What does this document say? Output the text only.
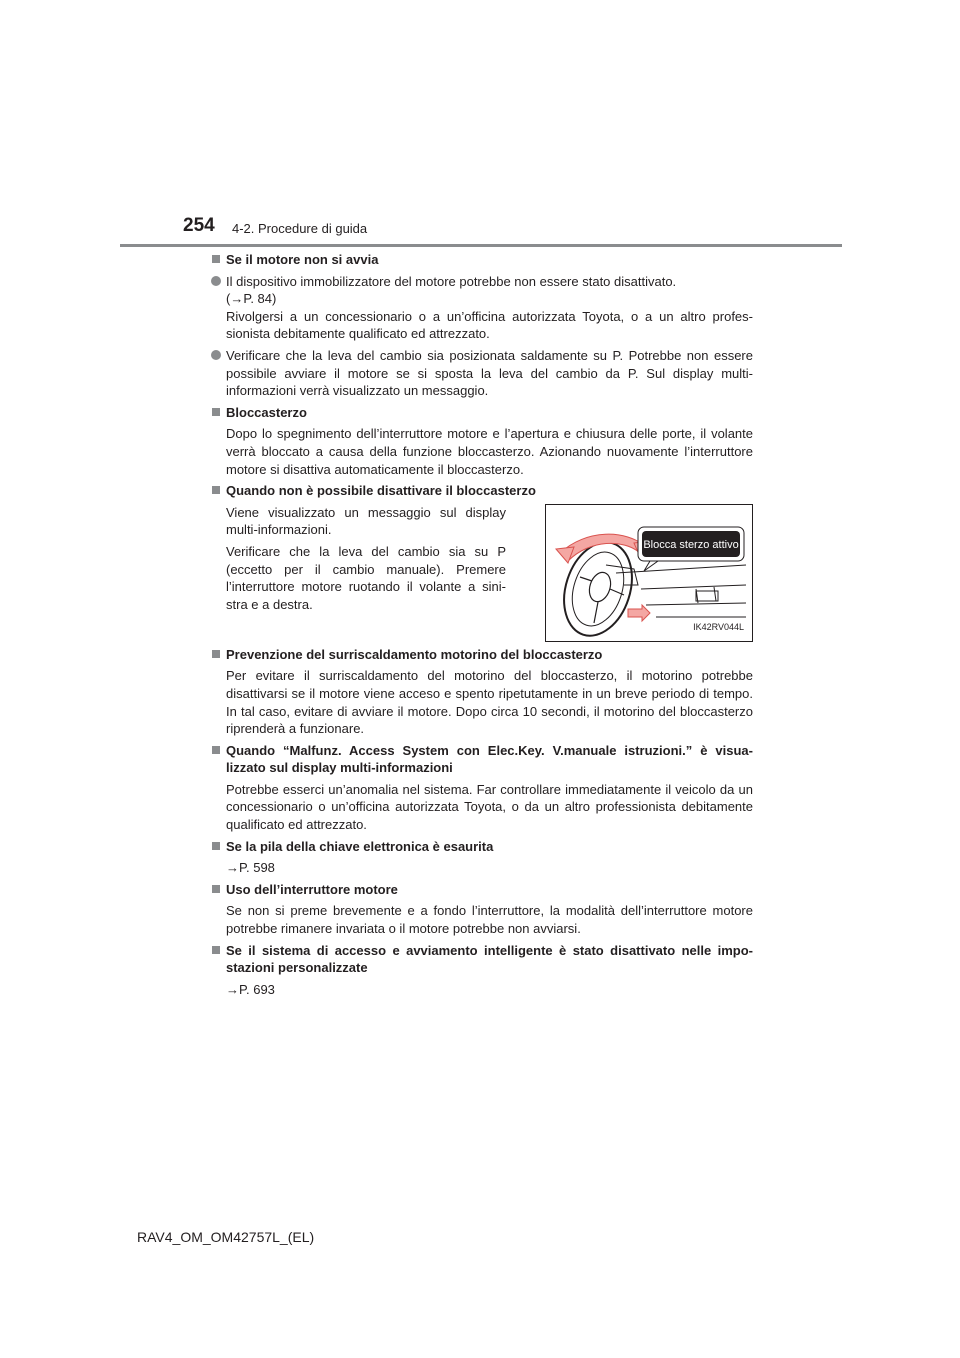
254 4-2. Procedure di guida
Se il motore non si avvia
Il dispositivo immobilizzatore del motore potrebbe non essere stato disattivato.
(→P. 84)
Rivolgersi a un concessionario o a un’officina autorizzata Toyota, o a un altro profes-sionista debitamente qualificato ed attrezzato.
Verificare che la leva del cambio sia posizionata saldamente su P. Potrebbe non essere possibile avviare il motore se si sposta la leva del cambio da P. Sul display multi-informazioni verrà visualizzato un messaggio.
Bloccasterzo
Dopo lo spegnimento dell’interruttore motore e l’apertura e chiusura delle porte, il volante verrà bloccato a causa della funzione bloccasterzo. Azionando nuovamente l’interruttore motore si disattiva automaticamente il bloccasterzo.
Quando non è possibile disattivare il bloccasterzo
Viene visualizzato un messaggio sul display multi-informazioni.
Verificare che la leva del cambio sia su P (eccetto per il cambio manuale). Premere l’interruttore motore ruotando il volante a sini-stra e a destra.
Blocca sterzo attivo
IK42RV044L
Prevenzione del surriscaldamento motorino del bloccasterzo
Per evitare il surriscaldamento del motorino del bloccasterzo, il motorino potrebbe disattivarsi se il motore viene acceso e spento ripetutamente in un breve periodo di tempo. In tal caso, evitare di avviare il motore. Dopo circa 10 secondi, il motorino del bloccasterzo riprenderà a funzionare.
Quando “Malfunz. Access System con Elec.Key. V.manuale istruzioni.” è visua-lizzato sul display multi-informazioni
Potrebbe esserci un’anomalia nel sistema. Far controllare immediatamente il veicolo da un concessionario o un’officina autorizzata Toyota, o da un altro professionista debitamente qualificato ed attrezzato.
Se la pila della chiave elettronica è esaurita
→P. 598
Uso dell’interruttore motore
Se non si preme brevemente e a fondo l’interruttore, la modalità dell’interruttore motore potrebbe rimanere invariata o il motore potrebbe non avviarsi.
Se il sistema di accesso e avviamento intelligente è stato disattivato nelle impo-stazioni personalizzate
→P. 693
RAV4_OM_OM42757L_(EL)
